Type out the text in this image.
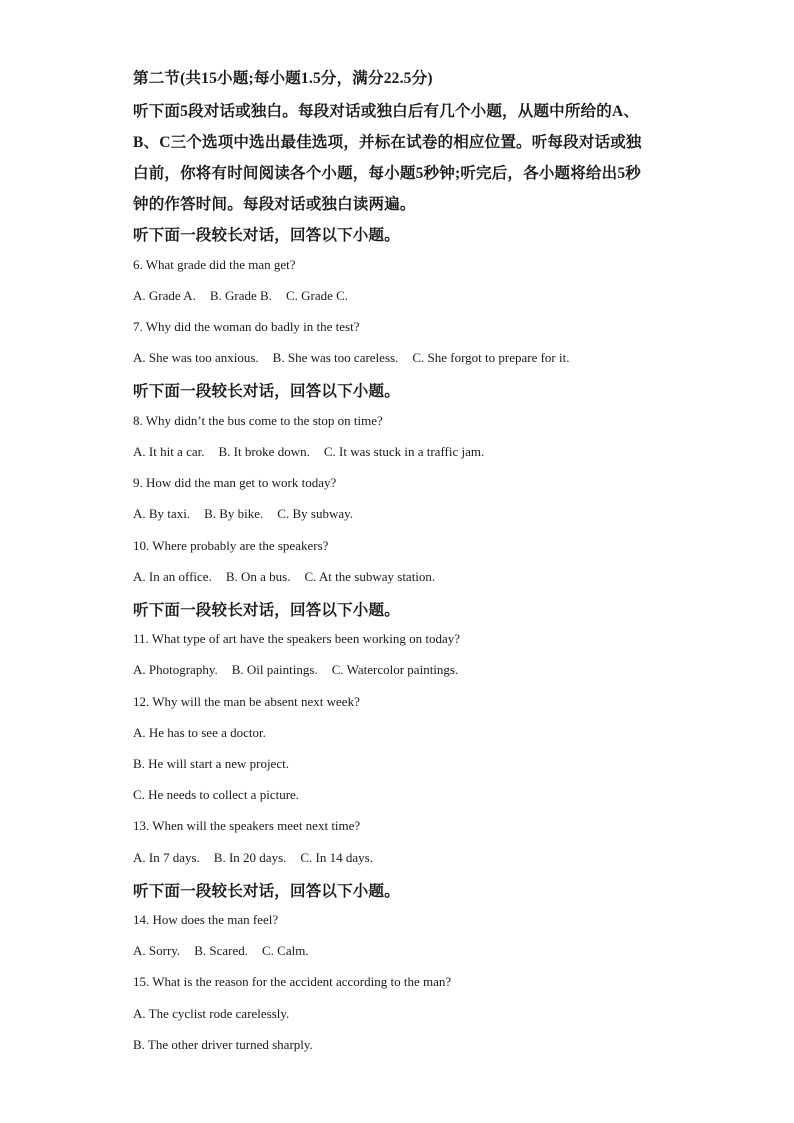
第二节(共15小题;每小题1.5分，满分22.5分)
听下面5段对话或独白。每段对话或独白后有几个小题，从题中所给的A、
B、C三个选项中选出最佳选项，并标在试卷的相应位置。听每段对话或独
白前，你将有时间阅读各个小题，每小题5秒钟;听完后，各小题将给出5秒
钟的作答时间。每段对话或独白读两遍。
听下面一段较长对话，回答以下小题。
6. What grade did the man get?
A. Grade A. B. Grade B. C. Grade C.
7. Why did the woman do badly in the test?
A. She was too anxious. B. She was too careless. C. She forgot to prepare for it.
听下面一段较长对话，回答以下小题。
8. Why didn’t the bus come to the stop on time?
A. It hit a car. B. It broke down. C. It was stuck in a traffic jam.
9. How did the man get to work today?
A. By taxi. B. By bike. C. By subway.
10. Where probably are the speakers?
A. In an office. B. On a bus. C. At the subway station.
听下面一段较长对话，回答以下小题。
11. What type of art have the speakers been working on today?
A. Photography. B. Oil paintings. C. Watercolor paintings.
12. Why will the man be absent next week?
A. He has to see a doctor.
B. He will start a new project.
C. He needs to collect a picture.
13. When will the speakers meet next time?
A. In 7 days. B. In 20 days. C. In 14 days.
听下面一段较长对话，回答以下小题。
14. How does the man feel?
A. Sorry. B. Scared. C. Calm.
15. What is the reason for the accident according to the man?
A. The cyclist rode carelessly.
B. The other driver turned sharply.
